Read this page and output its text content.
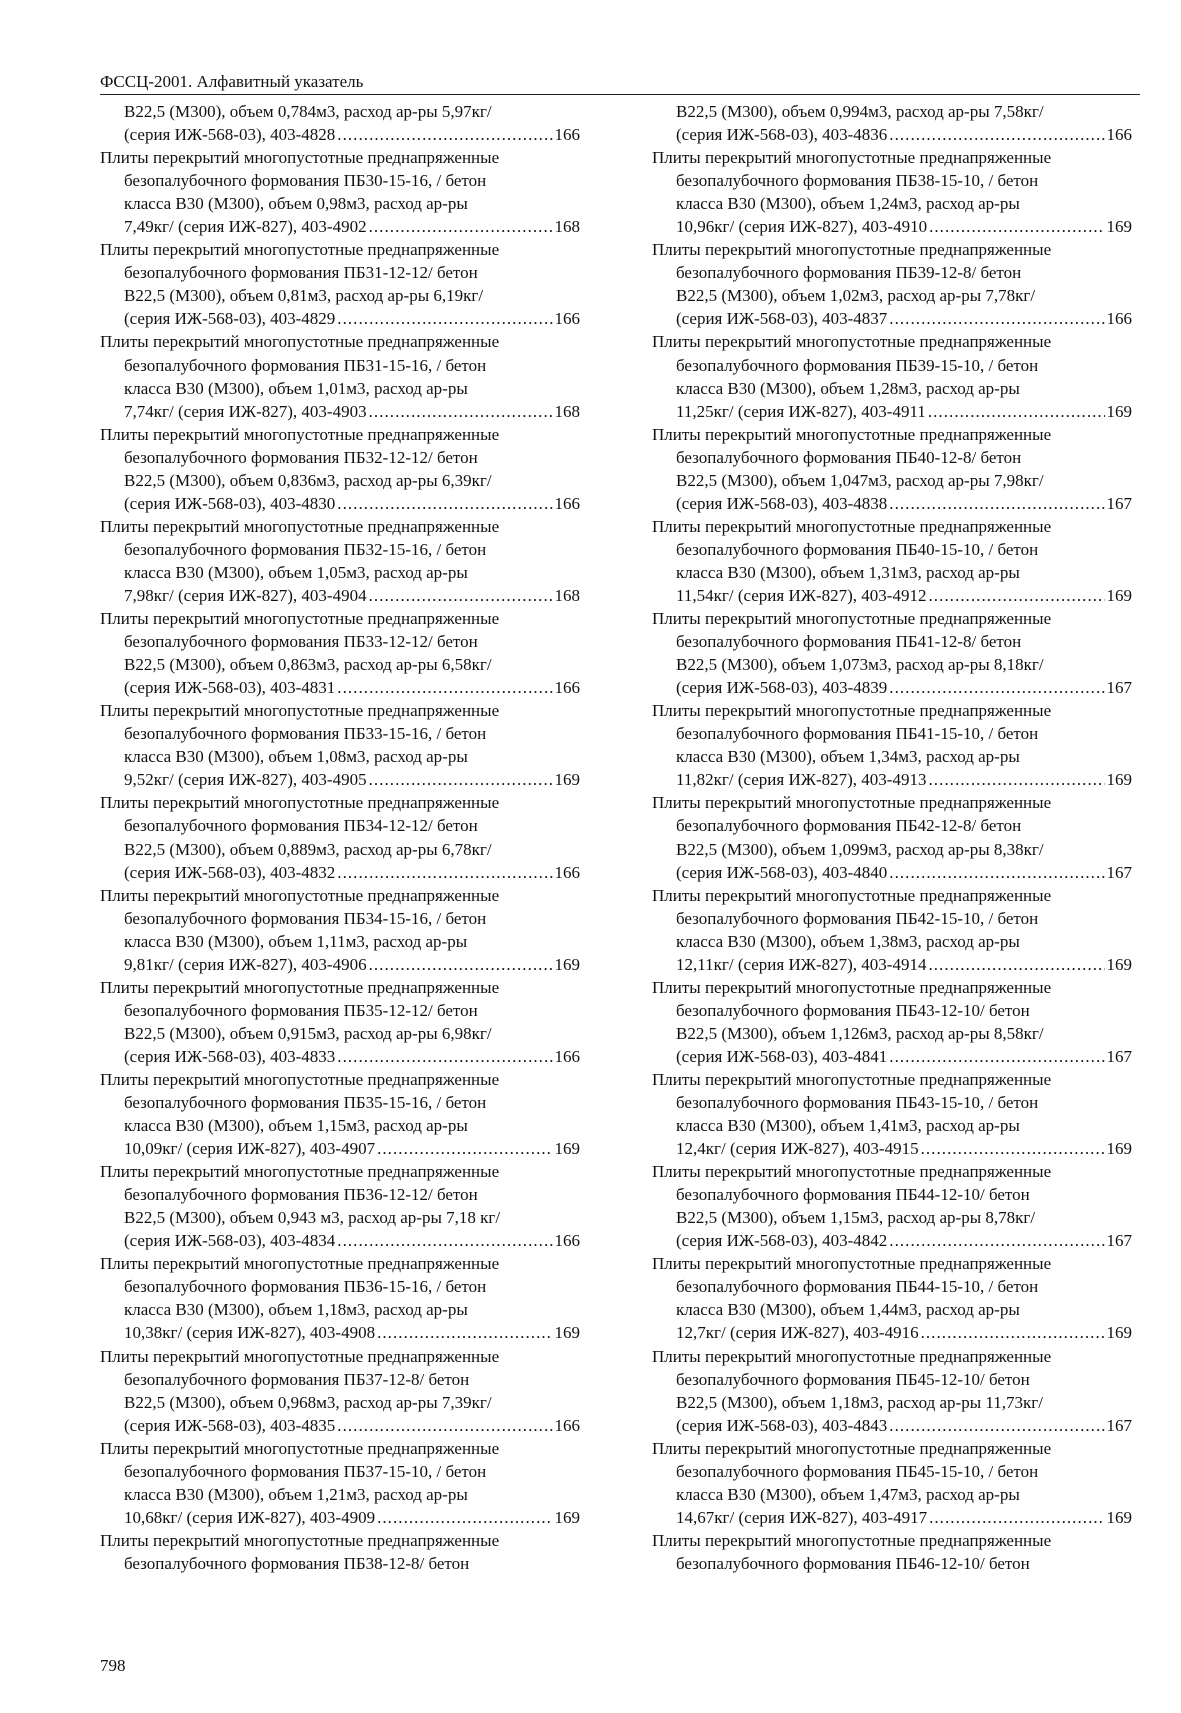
ФССЦ-2001. Алфавитный указатель
В22,5 (М300), объем 0,784м3, расход ар-ры 5,97кг/
(серия ИЖ-568-03), 403-4828 . . .	166
Плиты перекрытий многопустотные преднапряженные
безопалубочного формования ПБ30-15-16, / бетон
класса В30 (М300), объем 0,98м3, расход ар-ры
7,49кг/ (серия ИЖ-827), 403-4902 . . .	168
Плиты перекрытий многопустотные преднапряженные
безопалубочного формования ПБ31-12-12/ бетон
В22,5 (М300), объем 0,81м3, расход ар-ры 6,19кг/
(серия ИЖ-568-03), 403-4829 . . .	166
Плиты перекрытий многопустотные преднапряженные
безопалубочного формования ПБ31-15-16, / бетон
класса В30 (М300), объем 1,01м3, расход ар-ры
7,74кг/ (серия ИЖ-827), 403-4903 . . .	168
Плиты перекрытий многопустотные преднапряженные
безопалубочного формования ПБ32-12-12/ бетон
В22,5 (М300), объем 0,836м3, расход ар-ры 6,39кг/
(серия ИЖ-568-03), 403-4830 . . .	166
Плиты перекрытий многопустотные преднапряженные
безопалубочного формования ПБ32-15-16, / бетон
класса В30 (М300), объем 1,05м3, расход ар-ры
7,98кг/ (серия ИЖ-827), 403-4904 . . .	168
Плиты перекрытий многопустотные преднапряженные
безопалубочного формования ПБ33-12-12/ бетон
В22,5 (М300), объем 0,863м3, расход ар-ры 6,58кг/
(серия ИЖ-568-03), 403-4831 . . .	166
Плиты перекрытий многопустотные преднапряженные
безопалубочного формования ПБ33-15-16, / бетон
класса В30 (М300), объем 1,08м3, расход ар-ры
9,52кг/ (серия ИЖ-827), 403-4905 . . .	169
Плиты перекрытий многопустотные преднапряженные
безопалубочного формования ПБ34-12-12/ бетон
В22,5 (М300), объем 0,889м3, расход ар-ры 6,78кг/
(серия ИЖ-568-03), 403-4832 . . .	166
Плиты перекрытий многопустотные преднапряженные
безопалубочного формования ПБ34-15-16, / бетон
класса В30 (М300), объем 1,11м3, расход ар-ры
9,81кг/ (серия ИЖ-827), 403-4906 . . .	169
Плиты перекрытий многопустотные преднапряженные
безопалубочного формования ПБ35-12-12/ бетон
В22,5 (М300), объем 0,915м3, расход ар-ры 6,98кг/
(серия ИЖ-568-03), 403-4833 . . .	166
Плиты перекрытий многопустотные преднапряженные
безопалубочного формования ПБ35-15-16, / бетон
класса В30 (М300), объем 1,15м3, расход ар-ры
10,09кг/ (серия ИЖ-827), 403-4907 . . .	169
Плиты перекрытий многопустотные преднапряженные
безопалубочного формования ПБ36-12-12/ бетон
В22,5 (М300), объем 0,943 м3, расход ар-ры 7,18 кг/
(серия ИЖ-568-03), 403-4834 . . .	166
Плиты перекрытий многопустотные преднапряженные
безопалубочного формования ПБ36-15-16, / бетон
класса В30 (М300), объем 1,18м3, расход ар-ры
10,38кг/ (серия ИЖ-827), 403-4908 . . .	169
Плиты перекрытий многопустотные преднапряженные
безопалубочного формования ПБ37-12-8/ бетон
В22,5 (М300), объем 0,968м3, расход ар-ры 7,39кг/
(серия ИЖ-568-03), 403-4835 . . .	166
Плиты перекрытий многопустотные преднапряженные
безопалубочного формования ПБ37-15-10, / бетон
класса В30 (М300), объем 1,21м3, расход ар-ры
10,68кг/ (серия ИЖ-827), 403-4909 . . .	169
Плиты перекрытий многопустотные преднапряженные
безопалубочного формования ПБ38-12-8/ бетон
В22,5 (М300), объем 0,994м3, расход ар-ры 7,58кг/
(серия ИЖ-568-03), 403-4836 . . .	166
Плиты перекрытий многопустотные преднапряженные
безопалубочного формования ПБ38-15-10, / бетон
класса В30 (М300), объем 1,24м3, расход ар-ры
10,96кг/ (серия ИЖ-827), 403-4910 . . .	169
Плиты перекрытий многопустотные преднапряженные
безопалубочного формования ПБ39-12-8/ бетон
В22,5 (М300), объем 1,02м3, расход ар-ры 7,78кг/
(серия ИЖ-568-03), 403-4837 . . .	166
Плиты перекрытий многопустотные преднапряженные
безопалубочного формования ПБ39-15-10, / бетон
класса В30 (М300), объем 1,28м3, расход ар-ры
11,25кг/ (серия ИЖ-827), 403-4911 . . .	169
Плиты перекрытий многопустотные преднапряженные
безопалубочного формования ПБ40-12-8/ бетон
В22,5 (М300), объем 1,047м3, расход ар-ры 7,98кг/
(серия ИЖ-568-03), 403-4838 . . .	167
Плиты перекрытий многопустотные преднапряженные
безопалубочного формования ПБ40-15-10, / бетон
класса В30 (М300), объем 1,31м3, расход ар-ры
11,54кг/ (серия ИЖ-827), 403-4912 . . .	169
Плиты перекрытий многопустотные преднапряженные
безопалубочного формования ПБ41-12-8/ бетон
В22,5 (М300), объем 1,073м3, расход ар-ры 8,18кг/
(серия ИЖ-568-03), 403-4839 . . .	167
Плиты перекрытий многопустотные преднапряженные
безопалубочного формования ПБ41-15-10, / бетон
класса В30 (М300), объем 1,34м3, расход ар-ры
11,82кг/ (серия ИЖ-827), 403-4913 . . .	169
Плиты перекрытий многопустотные преднапряженные
безопалубочного формования ПБ42-12-8/ бетон
В22,5 (М300), объем 1,099м3, расход ар-ры 8,38кг/
(серия ИЖ-568-03), 403-4840 . . .	167
Плиты перекрытий многопустотные преднапряженные
безопалубочного формования ПБ42-15-10, / бетон
класса В30 (М300), объем 1,38м3, расход ар-ры
12,11кг/ (серия ИЖ-827), 403-4914 . . .	169
Плиты перекрытий многопустотные преднапряженные
безопалубочного формования ПБ43-12-10/ бетон
В22,5 (М300), объем 1,126м3, расход ар-ры 8,58кг/
(серия ИЖ-568-03), 403-4841 . . .	167
Плиты перекрытий многопустотные преднапряженные
безопалубочного формования ПБ43-15-10, / бетон
класса В30 (М300), объем 1,41м3, расход ар-ры
12,4кг/ (серия ИЖ-827), 403-4915 . . .	169
Плиты перекрытий многопустотные преднапряженные
безопалубочного формования ПБ44-12-10/ бетон
В22,5 (М300), объем 1,15м3, расход ар-ры 8,78кг/
(серия ИЖ-568-03), 403-4842 . . .	167
Плиты перекрытий многопустотные преднапряженные
безопалубочного формования ПБ44-15-10, / бетон
класса В30 (М300), объем 1,44м3, расход ар-ры
12,7кг/ (серия ИЖ-827), 403-4916 . . .	169
Плиты перекрытий многопустотные преднапряженные
безопалубочного формования ПБ45-12-10/ бетон
В22,5 (М300), объем 1,18м3, расход ар-ры 11,73кг/
(серия ИЖ-568-03), 403-4843 . . .	167
Плиты перекрытий многопустотные преднапряженные
безопалубочного формования ПБ45-15-10, / бетон
класса В30 (М300), объем 1,47м3, расход ар-ры
14,67кг/ (серия ИЖ-827), 403-4917 . . .	169
Плиты перекрытий многопустотные преднапряженные
безопалубочного формования ПБ46-12-10/ бетон
798
